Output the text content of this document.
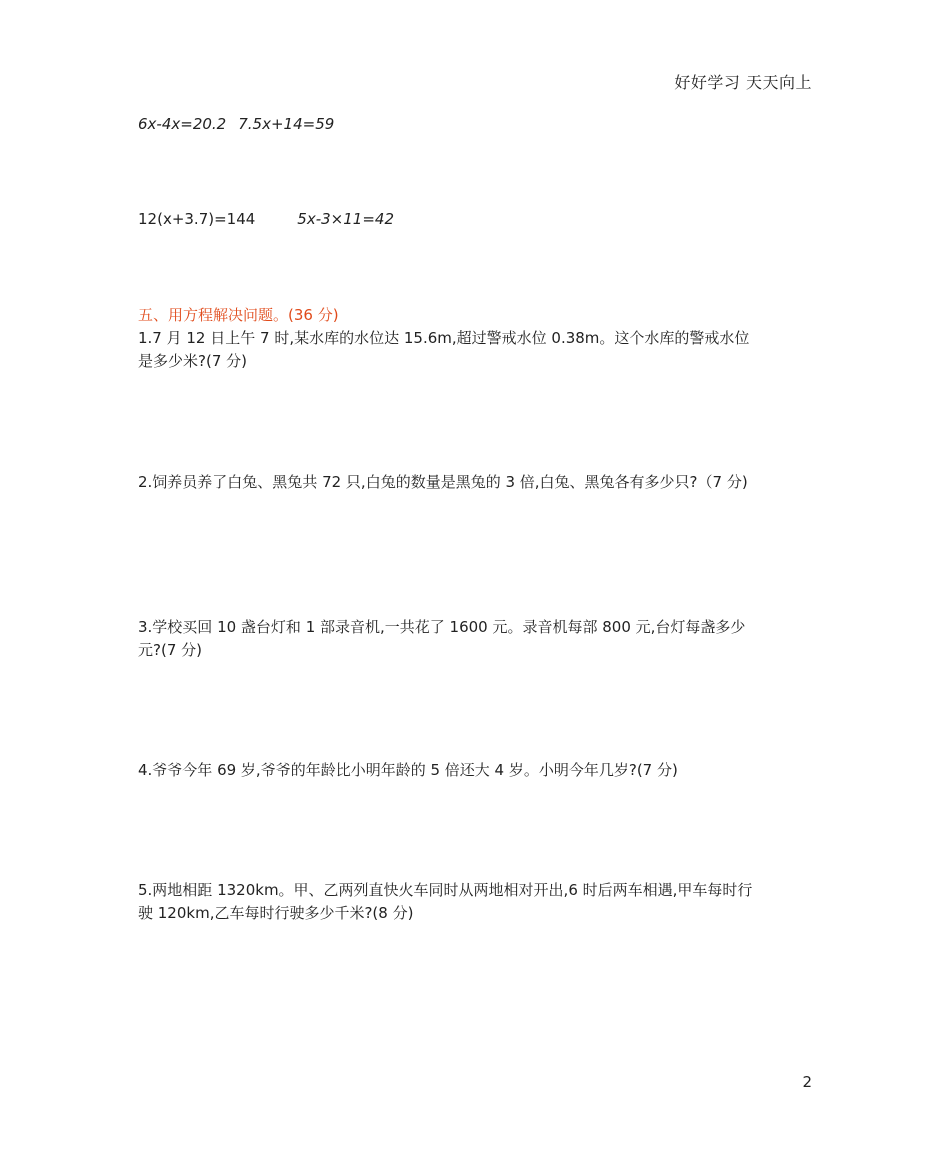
好好学习 天天向上
6x-4x=20.2 7.5x+14=59
12(x+3.7)=144	5x-3×11=42
五、用方程解决问题。(36 分)
1.7 月 12 日上午 7 时,某水库的水位达 15.6m,超过警戒水位 0.38m。这个水库的警戒水位
是多少米?(7 分)
2.饲养员养了白兔、黑兔共 72 只,白兔的数量是黑兔的 3 倍,白兔、黑兔各有多少只?（7 分)
3.学校买回 10 盏台灯和 1 部录音机,一共花了 1600 元。录音机每部 800 元,台灯每盏多少
元?(7 分)
4.爷爷今年 69 岁,爷爷的年龄比小明年龄的 5 倍还大 4 岁。小明今年几岁?(7 分)
5.两地相距 1320km。甲、乙两列直快火车同时从两地相对开出,6 时后两车相遇,甲车每时行
驶 120km,乙车每时行驶多少千米?(8 分)
2
